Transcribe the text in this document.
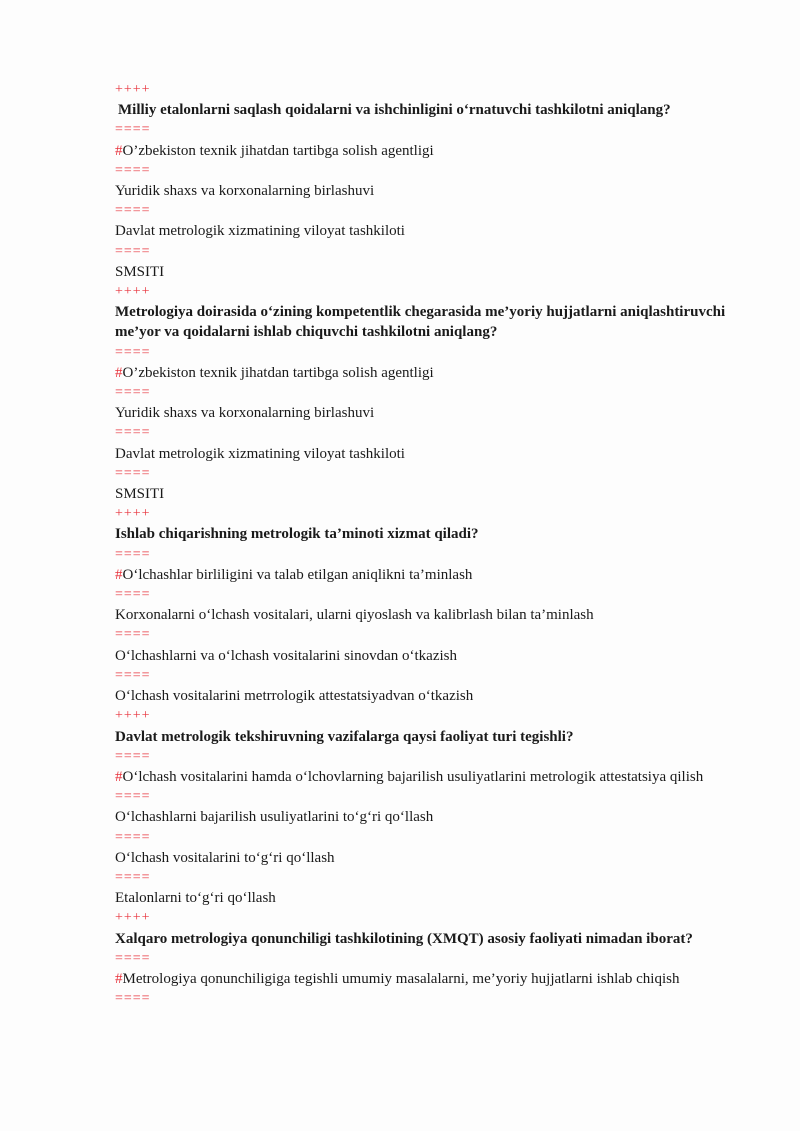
++++
Milliy etalonlarni saqlash qoidalarni va ishchinligini o‘rnatuvchi tashkilotni aniqlang?
====
#O’zbekiston texnik jihatdan tartibga solish agentligi
====
Yuridik shaxs va korxonalarning birlashuvi
====
Davlat metrologik xizmatining viloyat tashkiloti
====
SMSITI
++++
Metrologiya doirasida o‘zining kompetentlik chegarasida me’yoriy hujjatlarni aniqlashtiruvchi me’yor va qoidalarni ishlab chiquvchi tashkilotni aniqlang?
====
#O’zbekiston texnik jihatdan tartibga solish agentligi
====
Yuridik shaxs va korxonalarning birlashuvi
====
Davlat metrologik xizmatining viloyat tashkiloti
====
SMSITI
++++
Ishlab chiqarishning metrologik ta’minoti xizmat qiladi?
====
#O‘lchashlar birliligini va talab etilgan aniqlikni ta’minlash
====
Korxonalarni o‘lchash vositalari, ularni qiyoslash va kalibrlash bilan ta’minlash
====
O‘lchashlarni va o‘lchash vositalarini sinovdan o‘tkazish
====
O‘lchash vositalarini metrrologik attestatsiyadvan o‘tkazish
++++
Davlat metrologik tekshiruvning vazifalarga qaysi faoliyat turi tegishli?
====
#O‘lchash vositalarini hamda o‘lchovlarning bajarilish usuliyatlarini metrologik attestatsiya qilish
====
O‘lchashlarni bajarilish usuliyatlarini to‘g‘ri qo‘llash
====
O‘lchash vositalarini to‘g‘ri qo‘llash
====
Etalonlarni to‘g‘ri qo‘llash
++++
Xalqaro metrologiya qonunchiligi tashkilotining (XMQT) asosiy faoliyati nimadan iborat?
====
#Metrologiya qonunchiligiga tegishli umumiy masalalarni, me’yoriy hujjatlarni ishlab chiqish
====
